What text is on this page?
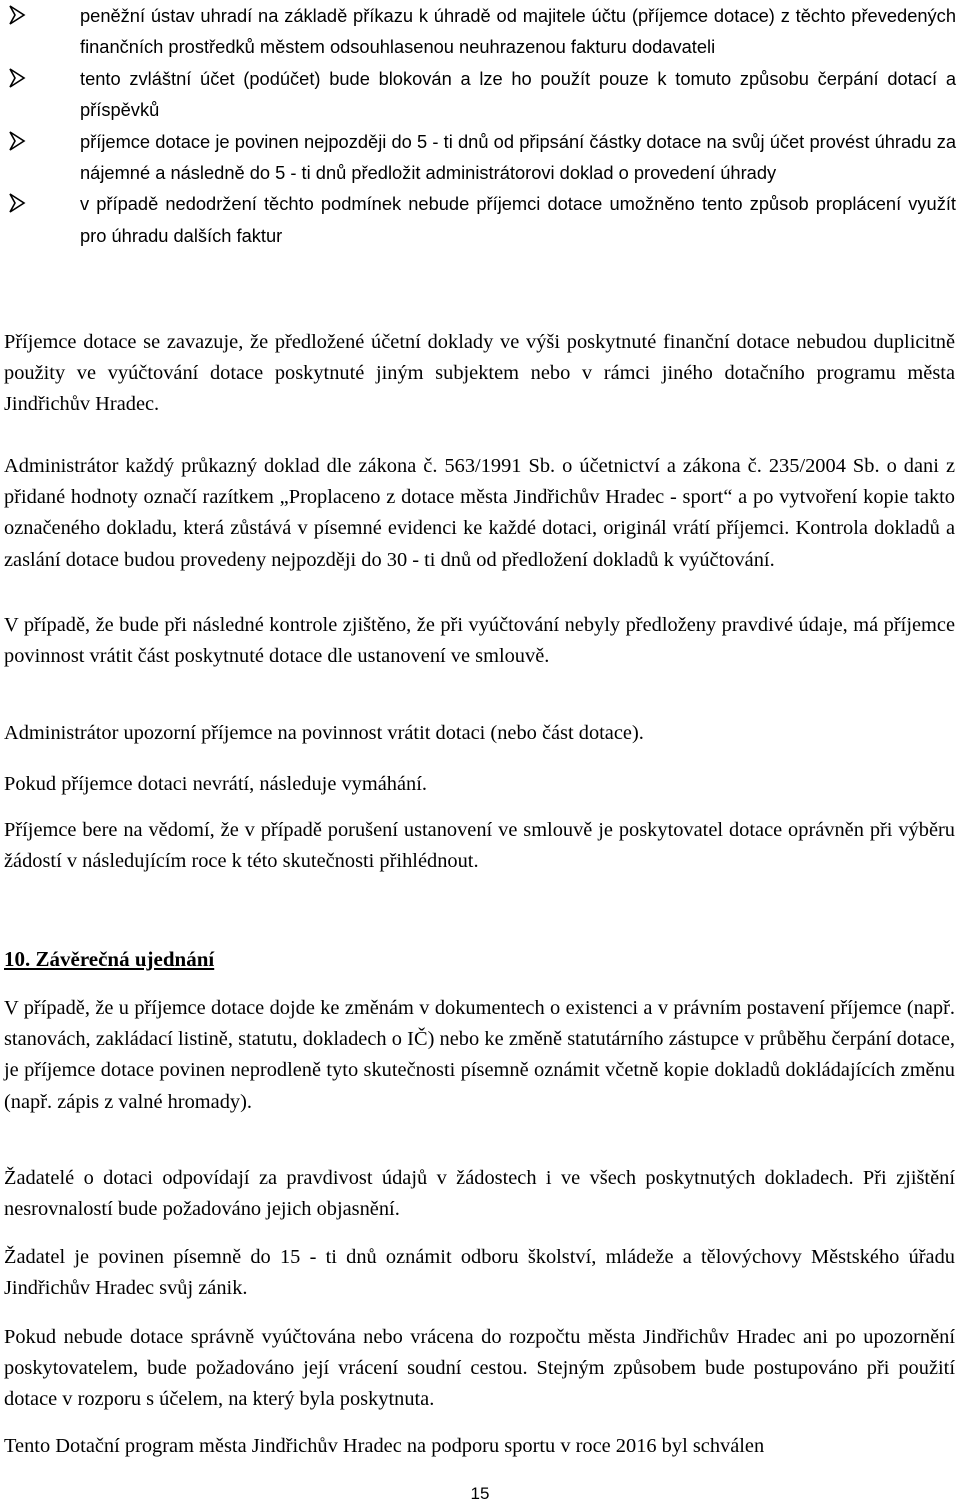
peněžní ústav uhradí na základě příkazu k úhradě od majitele účtu (příjemce dotace) z těchto převedených finančních prostředků městem odsouhlasenou neuhrazenou fakturu dodavateli
tento zvláštní účet (podúčet) bude blokován a lze ho použít pouze k tomuto způsobu čerpání dotací a příspěvků
příjemce dotace je povinen nejpozději do 5 - ti dnů od připsání částky dotace na svůj účet provést úhradu za nájemné a následně do 5 - ti dnů předložit administrátorovi doklad o provedení úhrady
v případě nedodržení těchto podmínek nebude příjemci dotace umožněno tento způsob proplácení využít pro úhradu dalších faktur

Příjemce dotace se zavazuje, že předložené účetní doklady ve výši poskytnuté finanční dotace nebudou duplicitně použity ve vyúčtování dotace poskytnuté jiným subjektem nebo v rámci jiného dotačního programu města Jindřichův Hradec.

Administrátor každý průkazný doklad dle zákona č. 563/1991 Sb. o účetnictví a zákona č. 235/2004 Sb. o dani z přidané hodnoty označí razítkem „Proplaceno z dotace města Jindřichův Hradec - sport“ a po vytvoření kopie takto označeného dokladu, která zůstává v písemné evidenci ke každé dotaci, originál vrátí příjemci. Kontrola dokladů a zaslání dotace budou provedeny nejpozději do 30 - ti dnů od předložení dokladů k vyúčtování.

V případě, že bude při následné kontrole zjištěno, že při vyúčtování nebyly předloženy pravdivé údaje, má příjemce povinnost vrátit část poskytnuté dotace dle ustanovení ve smlouvě.

Administrátor upozorní příjemce na povinnost vrátit dotaci (nebo část dotace).

Pokud příjemce dotaci nevrátí, následuje vymáhání.

Příjemce bere na vědomí, že v případě porušení ustanovení ve smlouvě je poskytovatel dotace oprávněn při výběru žádostí v následujícím roce k této skutečnosti přihlédnout.

10. Závěrečná ujednání

V případě, že u příjemce dotace dojde ke změnám v dokumentech o existenci a v právním postavení příjemce (např. stanovách, zakládací listině, statutu, dokladech o IČ) nebo ke změně statutárního zástupce v průběhu čerpání dotace, je příjemce dotace povinen neprodleně tyto skutečnosti písemně oznámit včetně kopie dokladů dokládajících změnu (např. zápis z valné hromady).

Žadatelé o dotaci odpovídají za pravdivost údajů v žádostech i ve všech poskytnutých dokladech. Při zjištění nesrovnalostí bude požadováno jejich objasnění.

Žadatel je povinen písemně do 15 - ti dnů oznámit odboru školství, mládeže a tělovýchovy Městského úřadu Jindřichův Hradec svůj zánik.

Pokud nebude dotace správně vyúčtována nebo vrácena do rozpočtu města Jindřichův Hradec ani po upozornění poskytovatelem, bude požadováno její vrácení soudní cestou. Stejným způsobem bude postupováno při použití dotace v rozporu s účelem, na který byla poskytnuta.

Tento Dotační program města Jindřichův Hradec na podporu sportu v roce 2016 byl schválen

15
